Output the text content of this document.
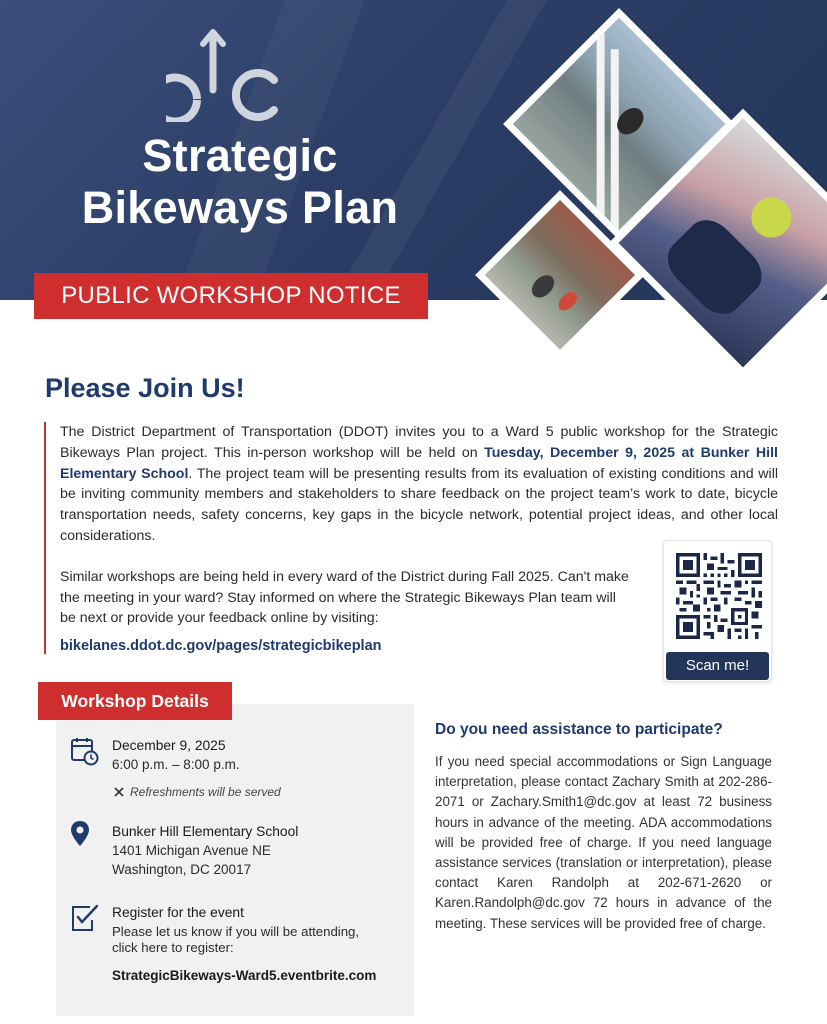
Strategic
Bikeways Plan
PUBLIC WORKSHOP NOTICE
Please Join Us!

The District Department of Transportation (DDOT) invites you to a Ward 5 public workshop for the Strategic Bikeways Plan project. This in-person workshop will be held on Tuesday, December 9, 2025 at Bunker Hill Elementary School. The project team will be presenting results from its evaluation of existing conditions and will be inviting community members and stakeholders to share feedback on the project team’s work to date, bicycle transportation needs, safety concerns, key gaps in the bicycle network, potential project ideas, and other local considerations.

Similar workshops are being held in every ward of the District during Fall 2025. Can't make the meeting in your ward? Stay informed on where the Strategic Bikeways Plan team will be next or provide your feedback online by visiting:

bikelanes.ddot.dc.gov/pages/strategicbikeplan

Scan me!
Workshop Details
December 9, 2025
6:00 p.m. – 8:00 p.m.
Refreshments will be served
Bunker Hill Elementary School
1401 Michigan Avenue NE
Washington, DC 20017
Register for the event
Please let us know if you will be attending,
click here to register:
StrategicBikeways-Ward5.eventbrite.com
Do you need assistance to participate?

If you need special accommodations or Sign Language interpretation, please contact Zachary Smith at 202-286-2071 or Zachary.Smith1@dc.gov at least 72 business hours in advance of the meeting. ADA accommodations will be provided free of charge. If you need language assistance services (translation or interpretation), please contact Karen Randolph at 202-671-2620 or Karen.Randolph@dc.gov 72 hours in advance of the meeting. These services will be provided free of charge.
